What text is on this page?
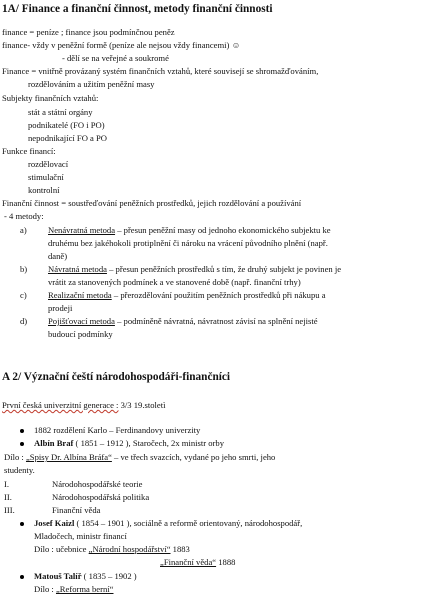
1A/ Finance a finanční činnost, metody finanční činnosti
finance = peníze ; finance jsou podmínčnou peněz
finance- vždy v peněžní formě (peníze ale nejsou vždy financemi) ☺
- dělí se na veřejné a soukromé
Finance = vnitřně provázaný systém finančních vztahů, které souvisejí se shromažďováním,
rozdělováním a užitím peněžní masy
Subjekty finančních vztahů:
stát a státní orgány
podnikatelé (FO i PO)
nepodnikající FO a PO
Funkce financí:
rozdělovací
stimulační
kontrolní
Finanční činnost = soustřeďování peněžních prostředků, jejich rozdělování a používání
- 4 metody:
a) Nenávratná metoda – přesun peněžní masy od jednoho ekonomického subjektu ke
druhému bez jakéhokoli protiplnění či nároku na vrácení původního plnění (např.
daně)
b) Návratná metoda – přesun peněžních prostředků s tím, že druhý subjekt je povinen je
vrátit za stanovených podmínek a ve stanovené době (např. finanční trhy)
c) Realizační metoda – přerozdělování použitím peněžních prostředků při nákupu a
prodeji
d) Pojišťovací metoda – podmíněně návratná, návratnost závisí na splnění nejisté
budoucí podmínky
A 2/ Význační čeští národohospodáři-finančníci
První česká univerzitní generace : 3/3 19.stoletì
1882 rozdělení Karlo – Ferdinandovy univerzity
Albín Braf ( 1851 – 1912 ), Staročech, 2x ministr orby
Dílo : „Spisy Dr. Albína Bráfa“ – ve třech svazcích, vydané po jeho smrti, jeho
studenty.
I.	Národohospodářské teorie
II.	Národohospodářská politika
III.	Finanční věda
Josef Kaizl ( 1854 – 1901 ), sociálně a reformě orientovaný, národohospodář,
Mladočech, ministr financí
Dílo : učebnice „Národní hospodářství“ 1883
„Finanční věda“ 1888
Matouš Talíř ( 1835 – 1902 )
Dílo : „Reforma berní“
